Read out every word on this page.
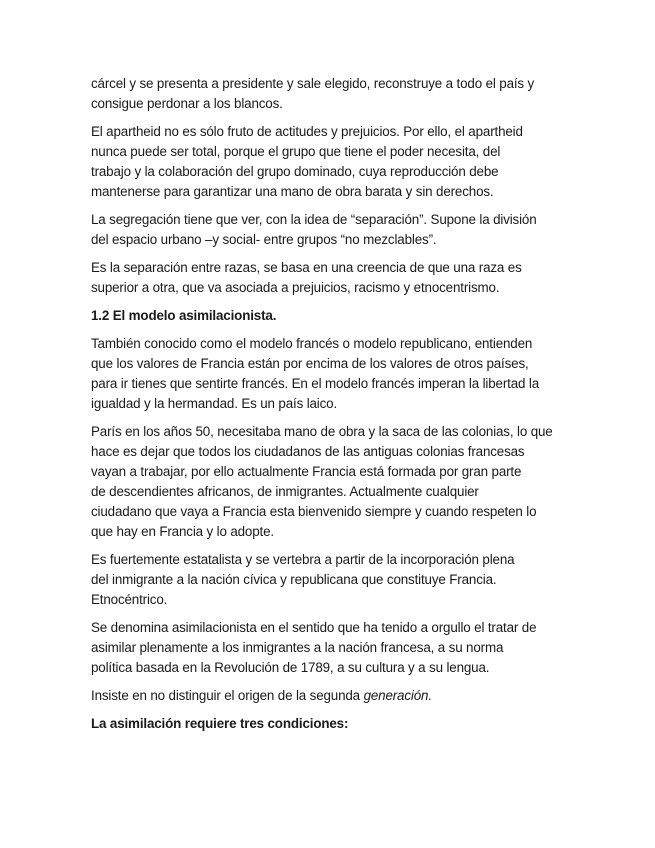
cárcel y se presenta a presidente y sale elegido, reconstruye a todo el país y
consigue perdonar a los blancos.

El apartheid no es sólo fruto de actitudes y prejuicios. Por ello, el apartheid
nunca puede ser total, porque el grupo que tiene el poder necesita, del
trabajo y la colaboración del grupo dominado, cuya reproducción debe
mantenerse para garantizar una mano de obra barata y sin derechos.

La segregación tiene que ver, con la idea de “separación”. Supone la división
del espacio urbano –y social- entre grupos “no mezclables”.

Es la separación entre razas, se basa en una creencia de que una raza es
superior a otra, que va asociada a prejuicios, racismo y etnocentrismo.

1.2 El modelo asimilacionista.

También conocido como el modelo francés o modelo republicano, entienden
que los valores de Francia están por encima de los valores de otros países,
para ir tienes que sentirte francés. En el modelo francés imperan la libertad la
igualdad y la hermandad. Es un país laico.

París en los años 50, necesitaba mano de obra y la saca de las colonias, lo que
hace es dejar que todos los ciudadanos de las antiguas colonias francesas
vayan a trabajar, por ello actualmente Francia está formada por gran parte
de descendientes africanos, de inmigrantes. Actualmente cualquier
ciudadano que vaya a Francia esta bienvenido siempre y cuando respeten lo
que hay en Francia y lo adopte.

Es fuertemente estatalista y se vertebra a partir de la incorporación plena
del inmigrante a la nación cívica y republicana que constituye Francia.
Etnocéntrico.

Se denomina asimilacionista en el sentido que ha tenido a orgullo el tratar de
asimilar plenamente a los inmigrantes a la nación francesa, a su norma
política basada en la Revolución de 1789, a su cultura y a su lengua.

Insiste en no distinguir el origen de la segunda generación.

La asimilación requiere tres condiciones:
